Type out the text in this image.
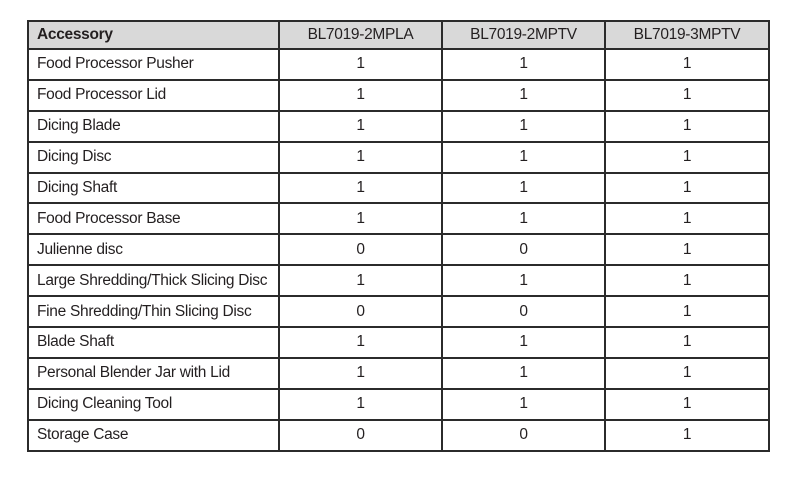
Accessory	BL7019-2MPLA	BL7019-2MPTV	BL7019-3MPTV
Food Processor Pusher	1	1	1
Food Processor Lid	1	1	1
Dicing Blade	1	1	1
Dicing Disc	1	1	1
Dicing Shaft	1	1	1
Food Processor Base	1	1	1
Julienne disc	0	0	1
Large Shredding/Thick Slicing Disc	1	1	1
Fine Shredding/Thin Slicing Disc	0	0	1
Blade Shaft	1	1	1
Personal Blender Jar with Lid	1	1	1
Dicing Cleaning Tool	1	1	1
Storage Case	0	0	1
